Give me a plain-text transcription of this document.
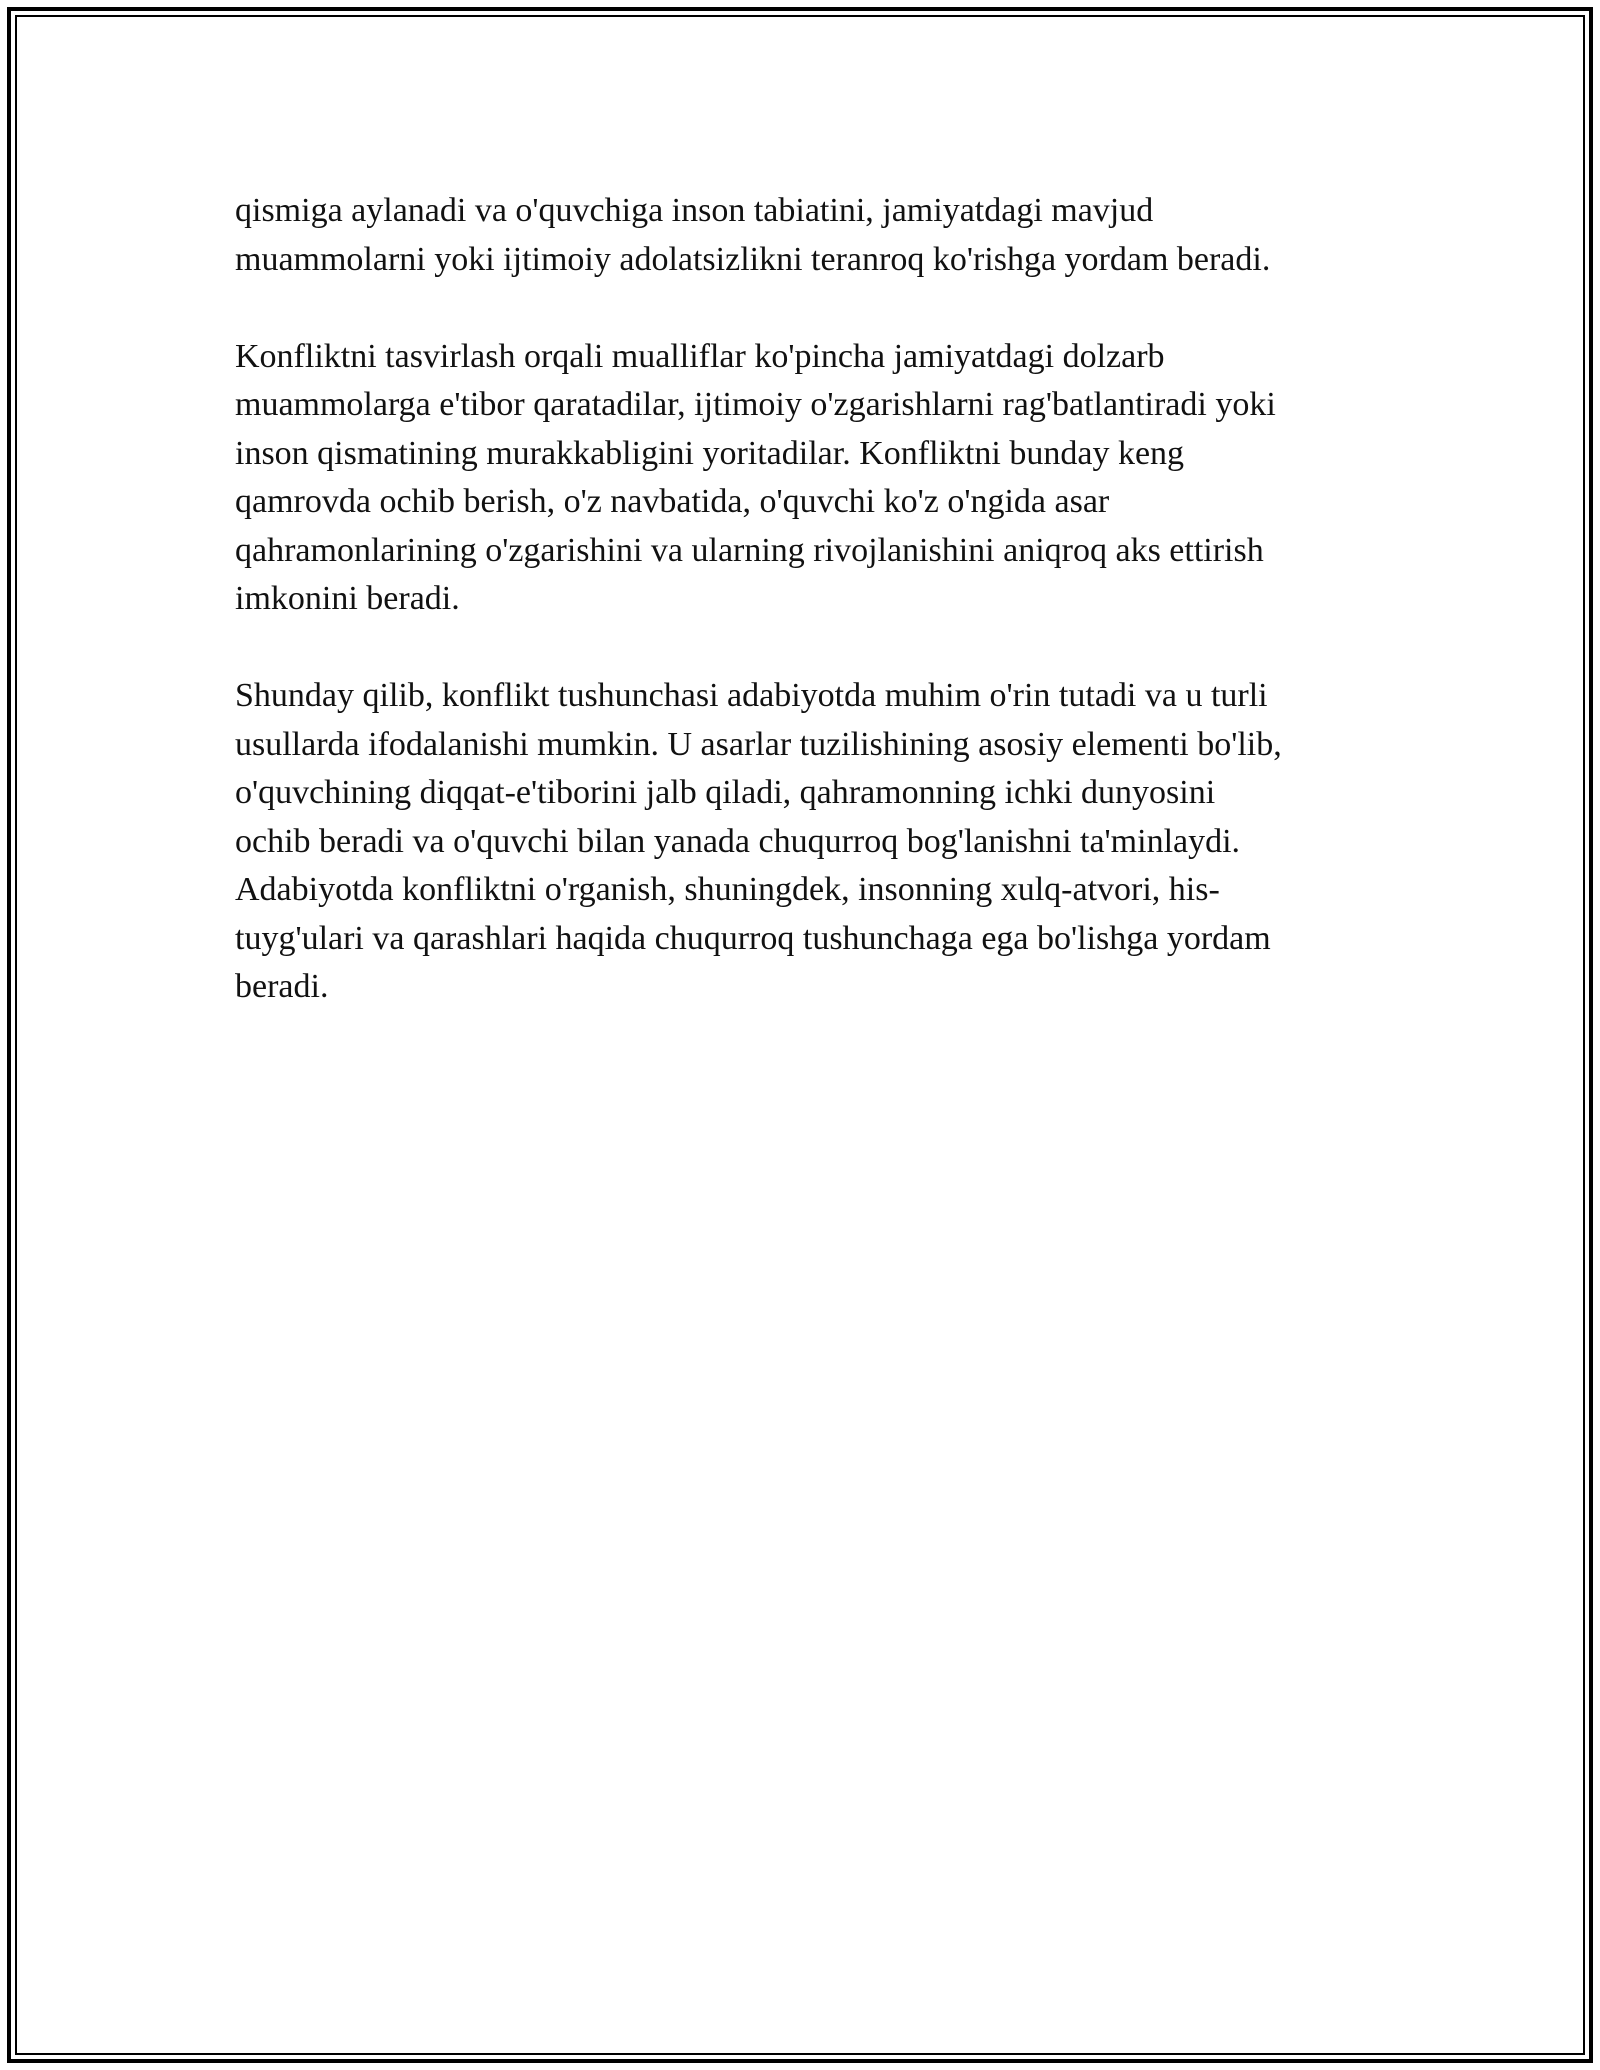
qismiga aylanadi va o'quvchiga inson tabiatini, jamiyatdagi mavjud
muammolarni yoki ijtimoiy adolatsizlikni teranroq ko'rishga yordam beradi.

Konfliktni tasvirlash orqali mualliflar ko'pincha jamiyatdagi dolzarb
muammolarga e'tibor qaratadilar, ijtimoiy o'zgarishlarni rag'batlantiradi yoki
inson qismatining murakkabligini yoritadilar. Konfliktni bunday keng
qamrovda ochib berish, o'z navbatida, o'quvchi ko'z o'ngida asar
qahramonlarining o'zgarishini va ularning rivojlanishini aniqroq aks ettirish
imkonini beradi.

Shunday qilib, konflikt tushunchasi adabiyotda muhim o'rin tutadi va u turli
usullarda ifodalanishi mumkin. U asarlar tuzilishining asosiy elementi bo'lib,
o'quvchining diqqat-e'tiborini jalb qiladi, qahramonning ichki dunyosini
ochib beradi va o'quvchi bilan yanada chuqurroq bog'lanishni ta'minlaydi.
Adabiyotda konfliktni o'rganish, shuningdek, insonning xulq-atvori, his-
tuyg'ulari va qarashlari haqida chuqurroq tushunchaga ega bo'lishga yordam
beradi.
